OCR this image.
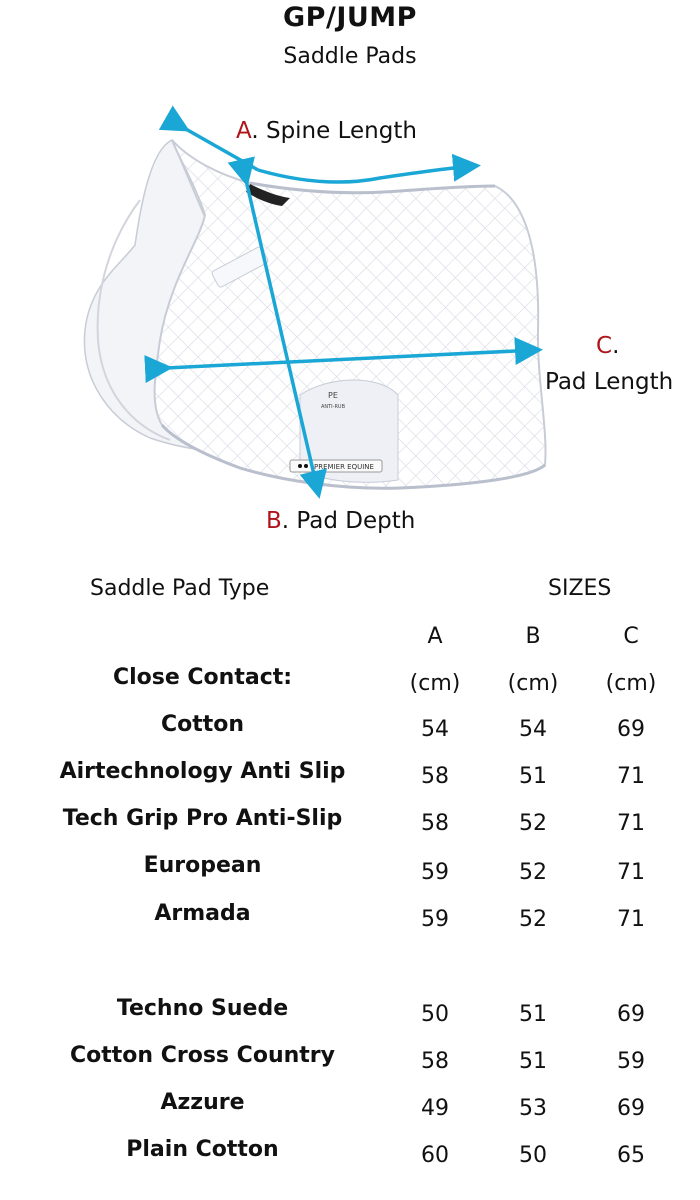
GP/JUMP
Saddle Pads
PE
ANTI-RUB
PREMIER EQUINE
A. Spine Length
C.
Pad Length
B. Pad Depth
Saddle Pad Type	SIZES
A	B	C
Close Contact:	(cm)	(cm)	(cm)
Cotton	54	54	69
Airtechnology Anti Slip	58	51	71
Tech Grip Pro Anti-Slip	58	52	71
European	59	52	71
Armada	59	52	71
Techno Suede	50	51	69
Cotton Cross Country	58	51	59
Azzure	49	53	69
Plain Cotton	60	50	65
